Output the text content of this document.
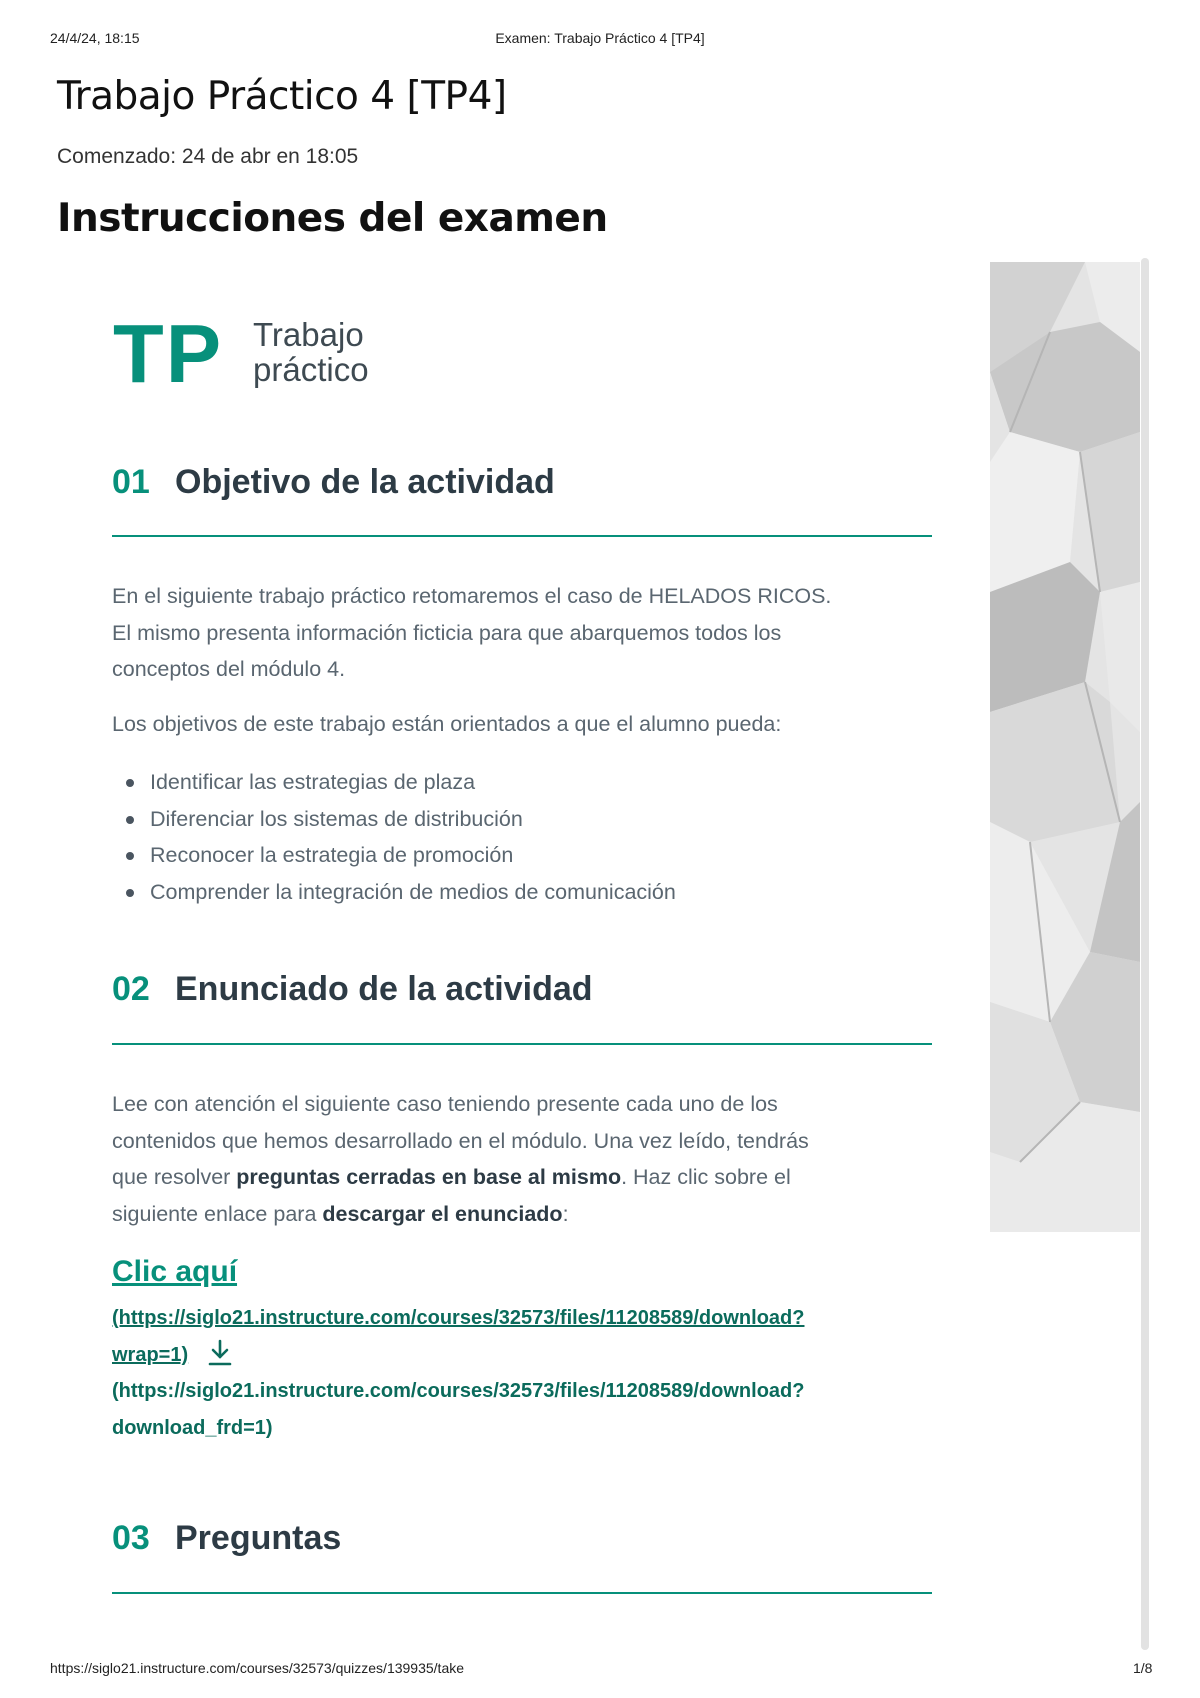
24/4/24, 18:15	Examen: Trabajo Práctico 4 [TP4]
Trabajo Práctico 4 [TP4]
Comenzado: 24 de abr en 18:05
Instrucciones del examen
TP Trabajo
práctico
01 Objetivo de la actividad
En el siguiente trabajo práctico retomaremos el caso de HELADOS RICOS.
El mismo presenta información ficticia para que abarquemos todos los
conceptos del módulo 4.
Los objetivos de este trabajo están orientados a que el alumno pueda:
Identificar las estrategias de plaza
Diferenciar los sistemas de distribución
Reconocer la estrategia de promoción
Comprender la integración de medios de comunicación
02 Enunciado de la actividad
Lee con atención el siguiente caso teniendo presente cada uno de los
contenidos que hemos desarrollado en el módulo. Una vez leído, tendrás
que resolver preguntas cerradas en base al mismo. Haz clic sobre el
siguiente enlace para descargar el enunciado:
Clic aquí
(https://siglo21.instructure.com/courses/32573/files/11208589/download?
wrap=1)
(https://siglo21.instructure.com/courses/32573/files/11208589/download?
download_frd=1)
03 Preguntas
https://siglo21.instructure.com/courses/32573/quizzes/139935/take	1/8
